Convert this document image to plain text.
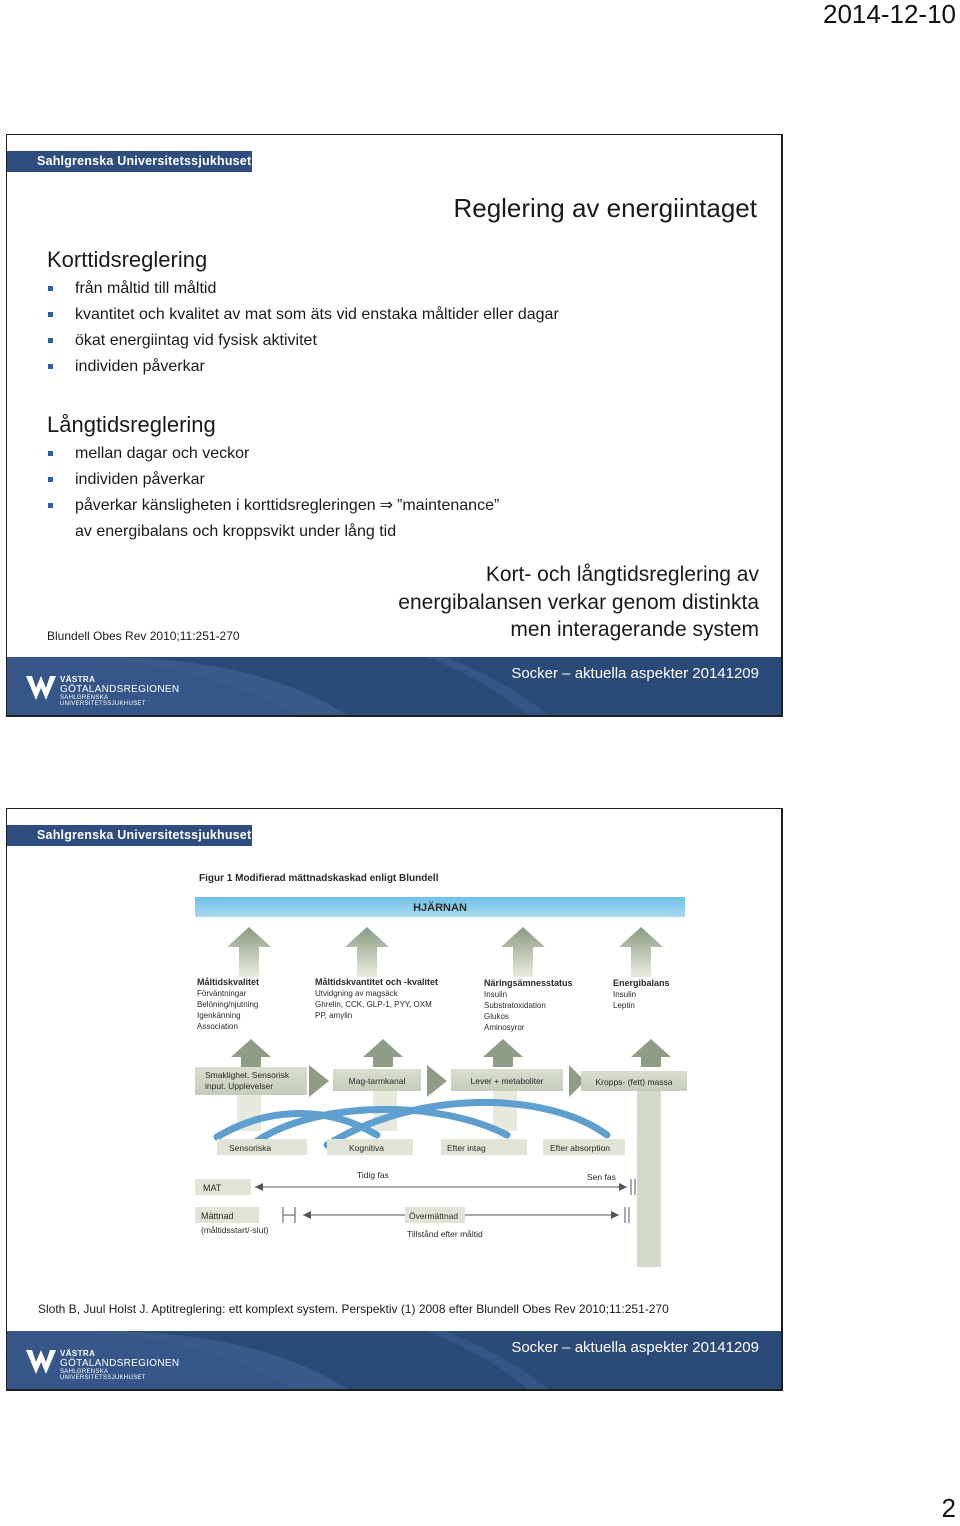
2014-12-10
Sahlgrenska Universitetssjukhuset
Reglering av energiintaget
Korttidsreglering
från måltid till måltid
kvantitet och kvalitet av mat som äts vid enstaka måltider eller dagar
ökat energiintag vid fysisk aktivitet
individen påverkar
Långtidsreglering
mellan dagar och veckor
individen påverkar
påverkar känsligheten i korttidsregleringen ⇒ ”maintenance”
av energibalans och kroppsvikt under lång tid
Blundell Obes Rev 2010;11:251-270
Kort- och långtidsreglering av
energibalansen verkar genom distinkta
men interagerande system
VÄSTRA
GÖTALANDSREGIONEN
SAHLGRENSKA UNIVERSITETSSJUKHUSET
Socker – aktuella aspekter 20141209
Sahlgrenska Universitetssjukhuset
Figur 1 Modifierad mättnadskaskad enligt Blundell
HJÄRNAN
Måltidskvalitet
Förväntningar
Belöning/njutning
Igenkänning
Association
Måltidskvantitet och -kvalitet
Utvidgning av magsäck
Ghrelin, CCK, GLP-1, PYY, OXM
PP, amylin
Näringsämnesstatus
Insulin
Substratoxidation
Glukos
Aminosyror
Energibalans
Insulin
Leptin
Smaklighet. Sensorisk
input. Upplevelser	Mag-tarmkanal	Lever + metaboliter	Kropps- (fett) massa
Sensoriska	Kognitiva	Efter intag	Efter absorption
MAT
Tidig fas	Sen fas
Mättnad
(måltidsstart/-slut)
Övermättnad
Tillstånd efter måltid
Sloth B, Juul Holst J. Aptitreglering: ett komplext system. Perspektiv (1) 2008 efter Blundell Obes Rev 2010;11:251-270
VÄSTRA
GÖTALANDSREGIONEN
SAHLGRENSKA UNIVERSITETSSJUKHUSET
Socker – aktuella aspekter 20141209
2
